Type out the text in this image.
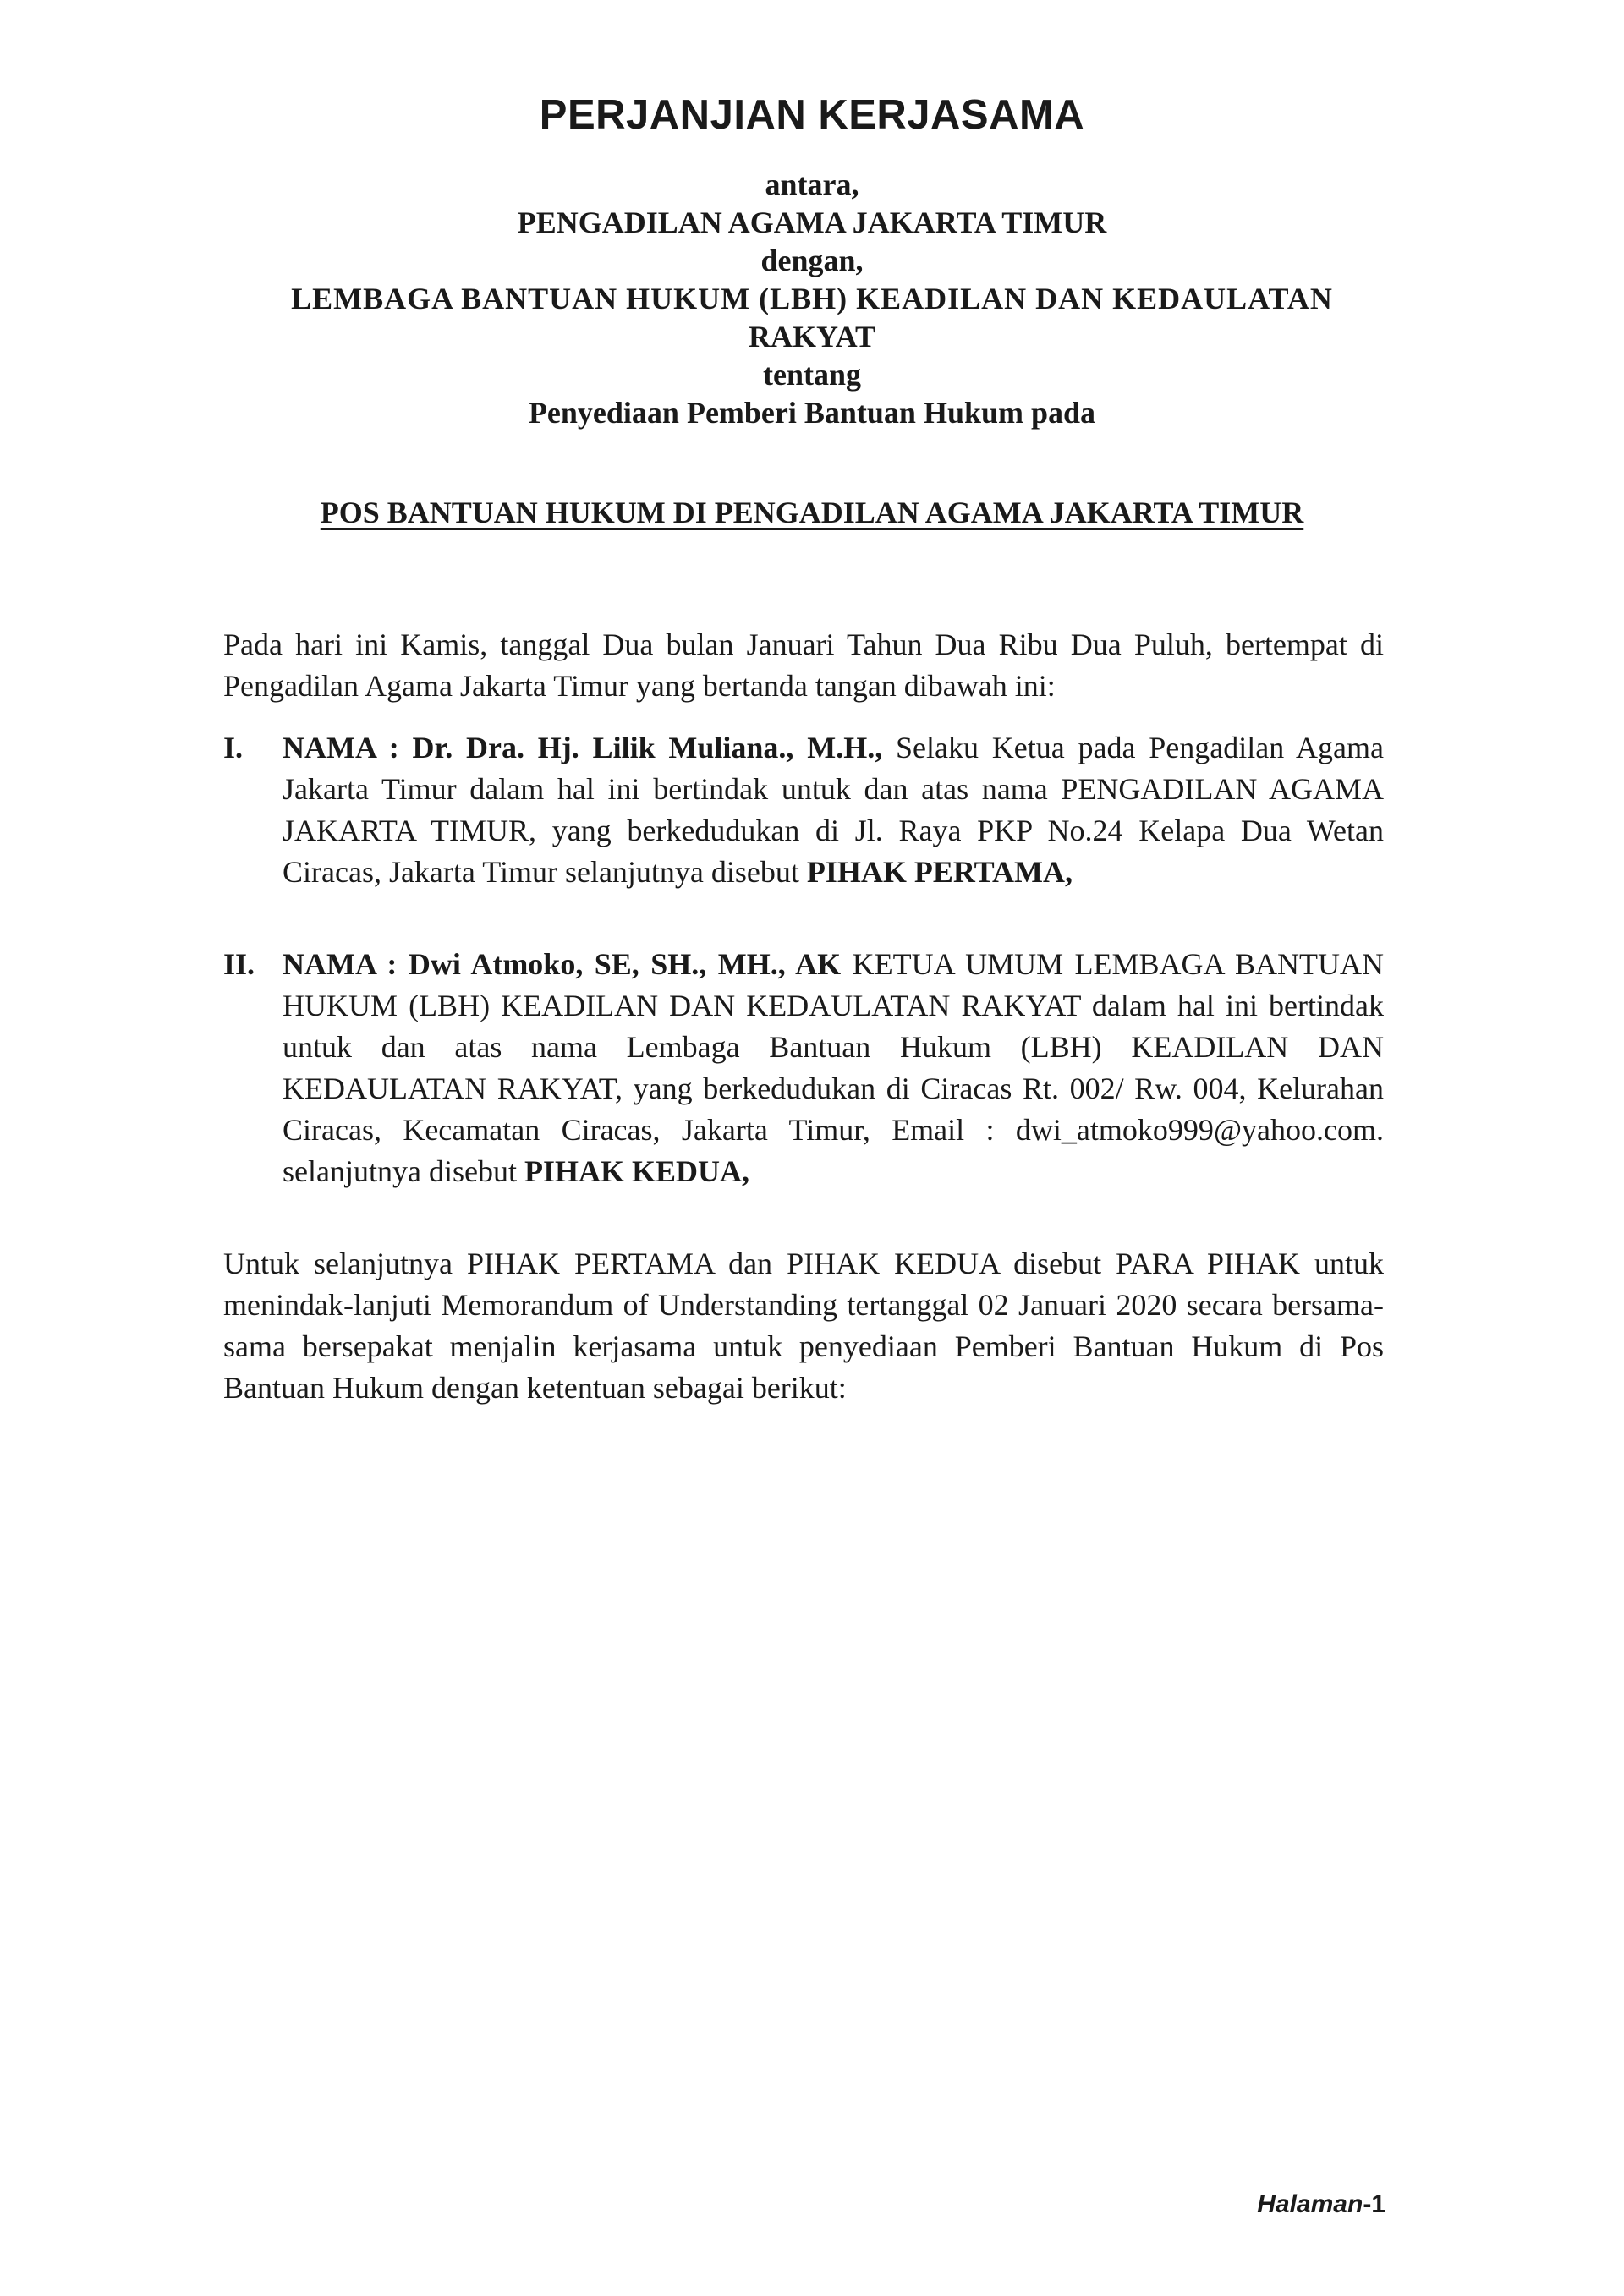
PERJANJIAN KERJASAMA
antara,
PENGADILAN AGAMA JAKARTA TIMUR
dengan,
LEMBAGA BANTUAN HUKUM (LBH) KEADILAN DAN KEDAULATAN
RAKYAT
tentang
Penyediaan Pemberi Bantuan Hukum pada
POS BANTUAN HUKUM DI PENGADILAN AGAMA JAKARTA TIMUR
Pada hari ini Kamis, tanggal Dua bulan Januari Tahun Dua Ribu Dua Puluh, bertempat di Pengadilan Agama Jakarta Timur yang bertanda tangan dibawah ini:
I. NAMA : Dr. Dra. Hj. Lilik Muliana., M.H., Selaku Ketua pada Pengadilan Agama Jakarta Timur dalam hal ini bertindak untuk dan atas nama PENGADILAN AGAMA JAKARTA TIMUR, yang berkedudukan di Jl. Raya PKP No.24 Kelapa Dua Wetan Ciracas, Jakarta Timur selanjutnya disebut PIHAK PERTAMA,
II. NAMA : Dwi Atmoko, SE, SH., MH., AK KETUA UMUM LEMBAGA BANTUAN HUKUM (LBH) KEADILAN DAN KEDAULATAN RAKYAT dalam hal ini bertindak untuk dan atas nama Lembaga Bantuan Hukum (LBH) KEADILAN DAN KEDAULATAN RAKYAT, yang berkedudukan di Ciracas Rt. 002/ Rw. 004, Kelurahan Ciracas, Kecamatan Ciracas, Jakarta Timur, Email : dwi_atmoko999@yahoo.com. selanjutnya disebut PIHAK KEDUA,
Untuk selanjutnya PIHAK PERTAMA dan PIHAK KEDUA disebut PARA PIHAK untuk menindak-lanjuti Memorandum of Understanding tertanggal 02 Januari 2020 secara bersama-sama bersepakat menjalin kerjasama untuk penyediaan Pemberi Bantuan Hukum di Pos Bantuan Hukum dengan ketentuan sebagai berikut:
Halaman-1
